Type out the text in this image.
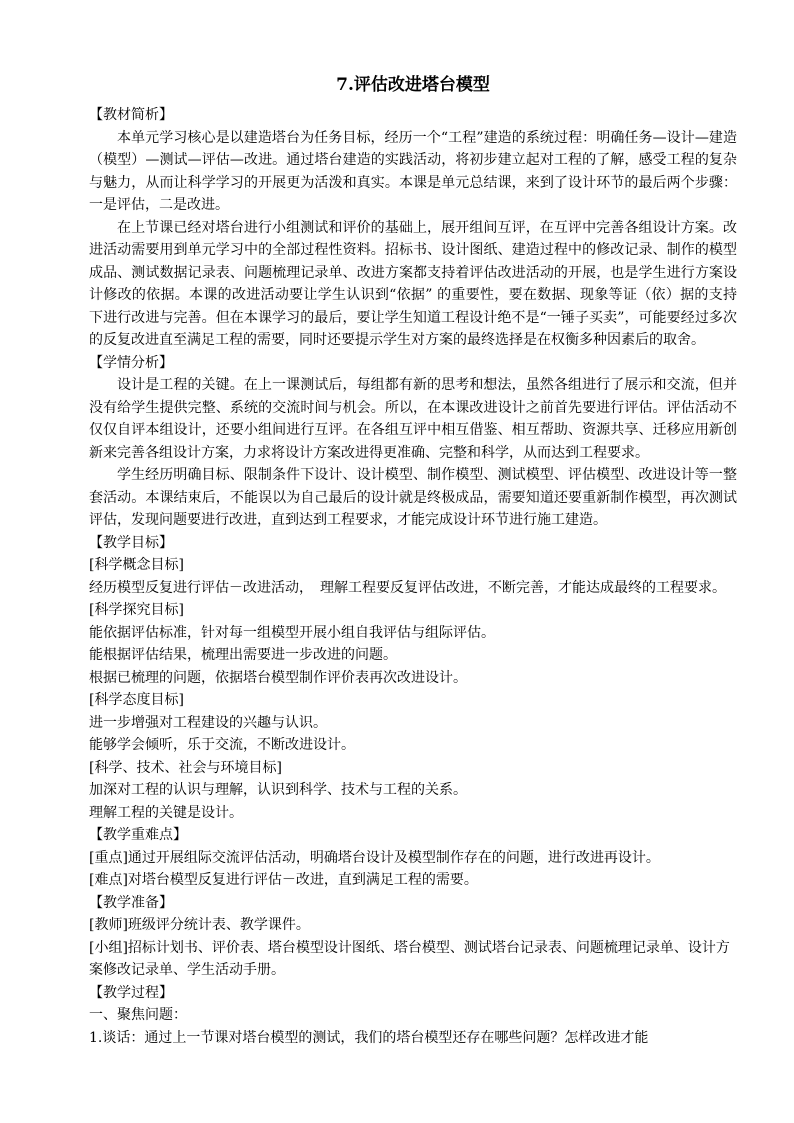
7.评估改进塔台模型
【教材简析】
本单元学习核心是以建造塔台为任务目标，经历一个“工程”建造的系统过程：明确任务—设计—建造（模型）—测试—评估—改进。通过塔台建造的实践活动，将初步建立起对工程的了解，感受工程的复杂与魅力，从而让科学学习的开展更为活泼和真实。本课是单元总结课，来到了设计环节的最后两个步骤：一是评估，二是改进。
在上节课已经对塔台进行小组测试和评价的基础上，展开组间互评，在互评中完善各组设计方案。改进活动需要用到单元学习中的全部过程性资料。招标书、设计图纸、建造过程中的修改记录、制作的模型成品、测试数据记录表、问题梳理记录单、改进方案都支持着评估改进活动的开展，也是学生进行方案设计修改的依据。本课的改进活动要让学生认识到“依据” 的重要性，要在数据、现象等证（依）据的支持下进行改进与完善。但在本课学习的最后，要让学生知道工程设计绝不是“一锤子买卖”，可能要经过多次的反复改进直至满足工程的需要，同时还要提示学生对方案的最终选择是在权衡多种因素后的取舍。
【学情分析】
设计是工程的关键。在上一课测试后，每组都有新的思考和想法，虽然各组进行了展示和交流，但并没有给学生提供完整、系统的交流时间与机会。所以，在本课改进设计之前首先要进行评估。评估活动不仅仅自评本组设计，还要小组间进行互评。在各组互评中相互借鉴、相互帮助、资源共享、迁移应用新创新来完善各组设计方案，力求将设计方案改进得更准确、完整和科学，从而达到工程要求。
学生经历明确目标、限制条件下设计、设计模型、制作模型、测试模型、评估模型、改进设计等一整套活动。本课结束后，不能误以为自己最后的设计就是终极成品，需要知道还要重新制作模型，再次测试评估，发现问题要进行改进，直到达到工程要求，才能完成设计环节进行施工建造。
【教学目标】
[科学概念目标]
经历模型反复进行评估－改进活动，　理解工程要反复评估改进，不断完善，才能达成最终的工程要求。
[科学探究目标]
能依据评估标准，针对每一组模型开展小组自我评估与组际评估。
能根据评估结果，梳理出需要进一步改进的问题。
根据已梳理的问题，依据塔台模型制作评价表再次改进设计。
[科学态度目标]
进一步增强对工程建设的兴趣与认识。
能够学会倾听，乐于交流，不断改进设计。
[科学、技术、社会与环境目标]
加深对工程的认识与理解，认识到科学、技术与工程的关系。
理解工程的关键是设计。
【教学重难点】
[重点]通过开展组际交流评估活动，明确塔台设计及模型制作存在的问题，进行改进再设计。
[难点]对塔台模型反复进行评估－改进，直到满足工程的需要。
【教学准备】
[教师]班级评分统计表、教学课件。
[小组]招标计划书、评价表、塔台模型设计图纸、塔台模型、测试塔台记录表、问题梳理记录单、设计方案修改记录单、学生活动手册。
【教学过程】
一、聚焦问题：
1.谈话：通过上一节课对塔台模型的测试，我们的塔台模型还存在哪些问题？怎样改进才能
